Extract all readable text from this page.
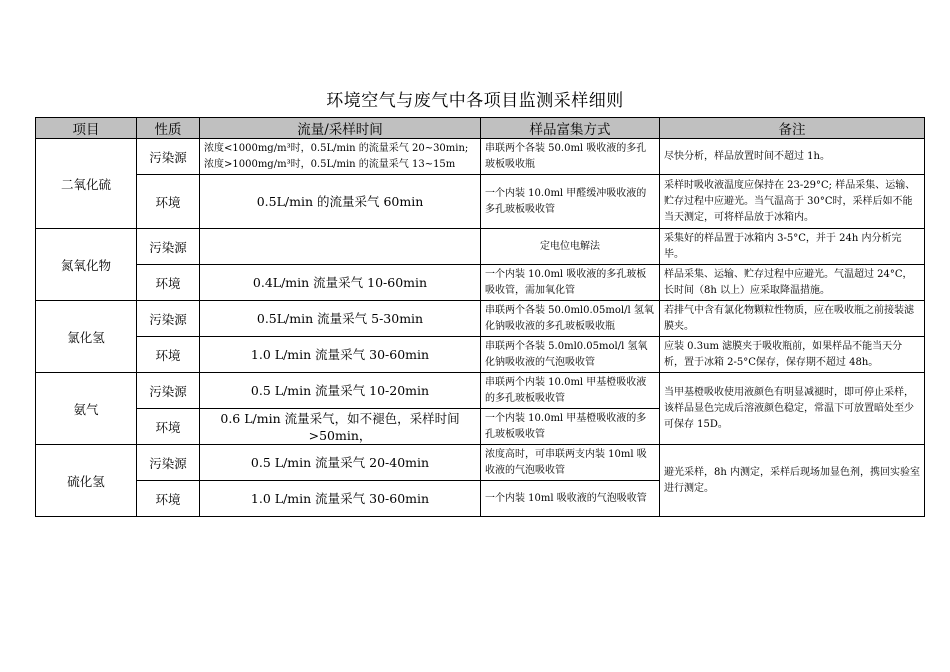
环境空气与废气中各项目监测采样细则
项目	性质	流量/采样时间	样品富集方式	备注
二氧化硫	污染源	浓度<1000mg/m³时，0.5L/min 的流量采气 20~30min;浓度>1000mg/m³时，0.5L/min 的流量采气 13~15m	串联两个各装 50.0ml 吸收液的多孔玻板吸收瓶	尽快分析，样品放置时间不超过 1h。
	环境	0.5L/min 的流量采气 60min	一个内装 10.0ml 甲醛缓冲吸收液的多孔玻板吸收管	采样时吸收液温度应保持在 23-29°C; 样品采集、运输、贮存过程中应避光。当气温高于 30°C时，采样后如不能当天测定，可将样品放于冰箱内。
氮氧化物	污染源		定电位电解法	采集好的样品置于冰箱内 3-5°C，并于 24h 内分析完毕。
	环境	0.4L/min 流量采气 10-60min	一个内装 10.0ml 吸收液的多孔玻板吸收管，需加氧化管	样品采集、运输、贮存过程中应避光。气温超过 24°C，长时间（8h 以上）应采取降温措施。
氯化氢	污染源	0.5L/min 流量采气 5-30min	串联两个各装 50.0ml0.05mol/l 氢氧化钠吸收液的多孔玻板吸收瓶	若排气中含有氯化物颗粒性物质，应在吸收瓶之前接装滤膜夹。
	环境	1.0 L/min 流量采气 30-60min	串联两个各装 5.0ml0.05mol/l 氢氧化钠吸收液的气泡吸收管	应装 0.3um 滤膜夹于吸收瓶前，如果样品不能当天分析，置于冰箱 2-5°C保存，保存期不超过 48h。
氨气	污染源	0.5 L/min 流量采气 10-20min	串联两个内装 10.0ml 甲基橙吸收液的多孔玻板吸收管	当甲基橙吸收使用液颜色有明显减褪时，即可停止采样，该样品显色完成后溶液颜色稳定，常温下可放置暗处至少可保存 15D。
	环境	0.6 L/min 流量采气，如不褪色，采样时间>50min，	一个内装 10.0ml 甲基橙吸收液的多孔玻板吸收管	
硫化氢	污染源	0.5 L/min 流量采气 20-40min	浓度高时，可串联两支内装 10ml 吸收液的气泡吸收管	避光采样，8h 内测定，采样后现场加显色剂，携回实验室进行测定。
	环境	1.0 L/min 流量采气 30-60min	一个内装 10ml 吸收液的气泡吸收管	
